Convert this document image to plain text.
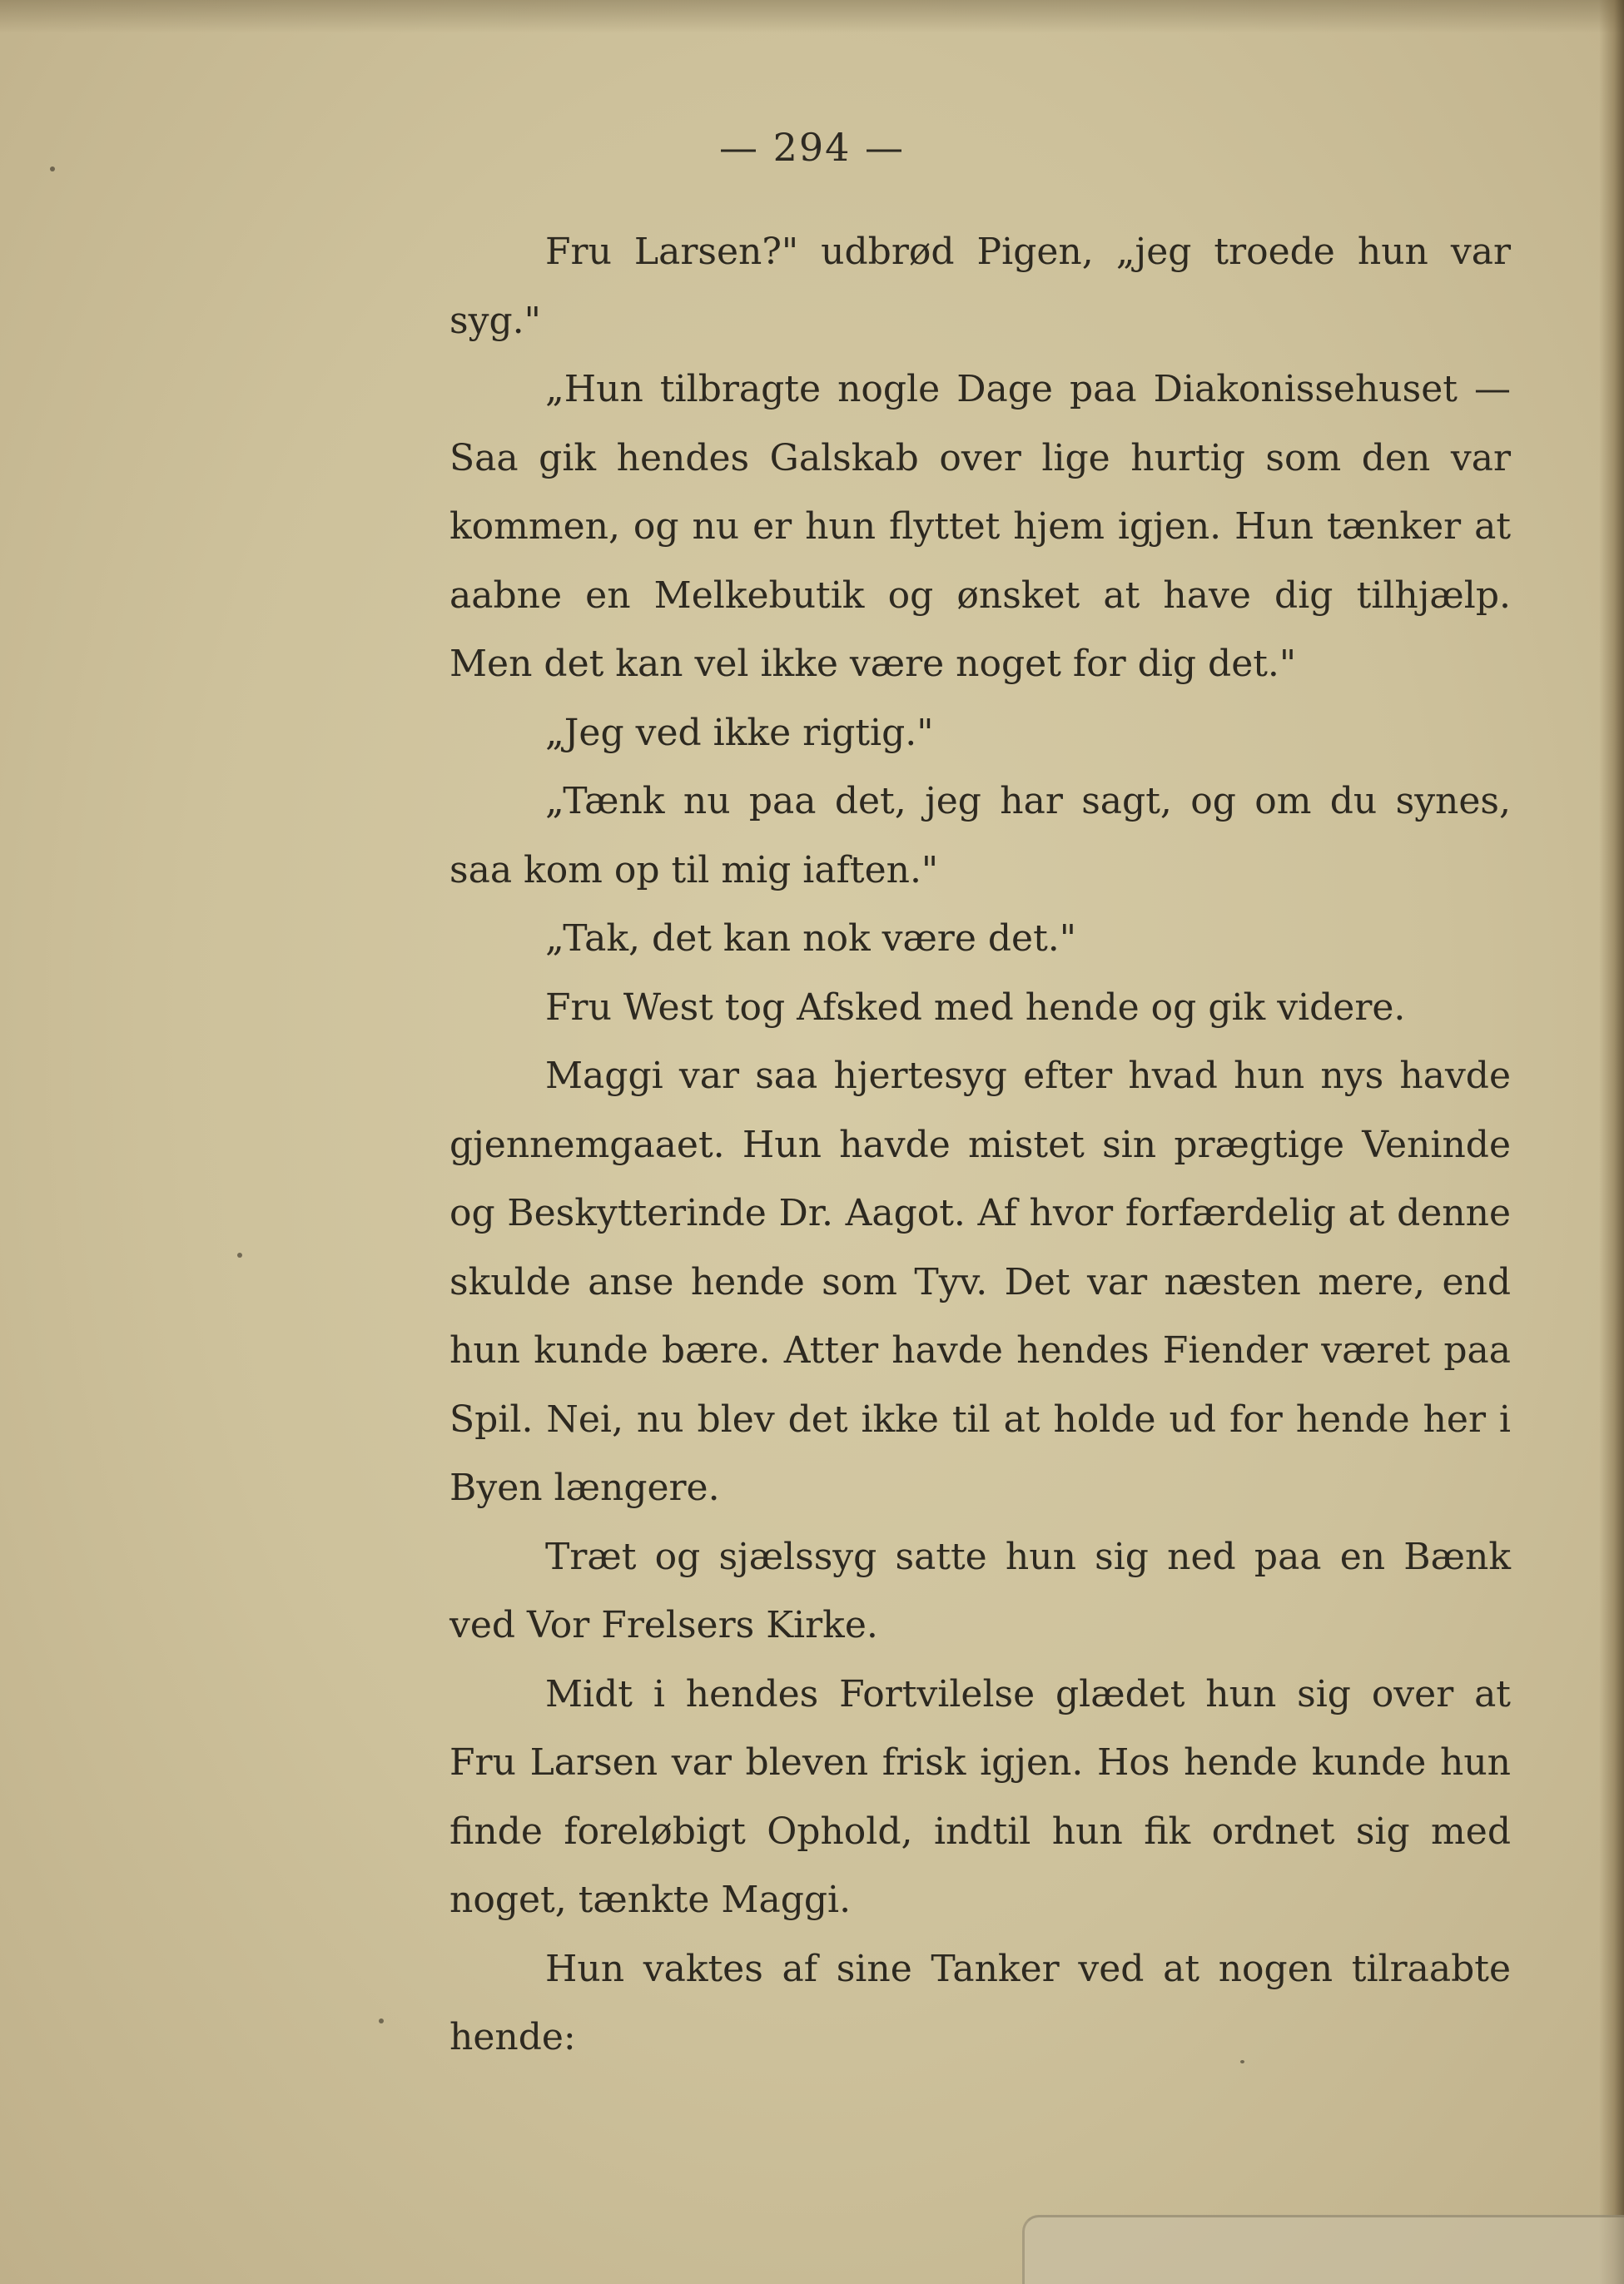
— 294 —

Fru Larsen?" udbrød Pigen, „jeg troede hun var syg."

„Hun tilbragte nogle Dage paa Diakonissehuset — Saa gik hendes Galskab over lige hurtig som den var kommen, og nu er hun flyttet hjem igjen. Hun tænker at aabne en Melkebutik og ønsket at have dig tilhjælp. Men det kan vel ikke være noget for dig det."

„Jeg ved ikke rigtig."

„Tænk nu paa det, jeg har sagt, og om du synes, saa kom op til mig iaften."

„Tak, det kan nok være det."

Fru West tog Afsked med hende og gik videre.

Maggi var saa hjertesyg efter hvad hun nys havde gjennemgaaet. Hun havde mistet sin prægtige Veninde og Beskytterinde Dr. Aagot. Af hvor forfærdelig at denne skulde anse hende som Tyv. Det var næsten mere, end hun kunde bære. Atter havde hendes Fiender været paa Spil. Nei, nu blev det ikke til at holde ud for hende her i Byen længere.

Træt og sjælssyg satte hun sig ned paa en Bænk ved Vor Frelsers Kirke.

Midt i hendes Fortvilelse glædet hun sig over at Fru Larsen var bleven frisk igjen. Hos hende kunde hun finde foreløbigt Ophold, indtil hun fik ordnet sig med noget, tænkte Maggi.

Hun vaktes af sine Tanker ved at nogen tilraabte hende:
